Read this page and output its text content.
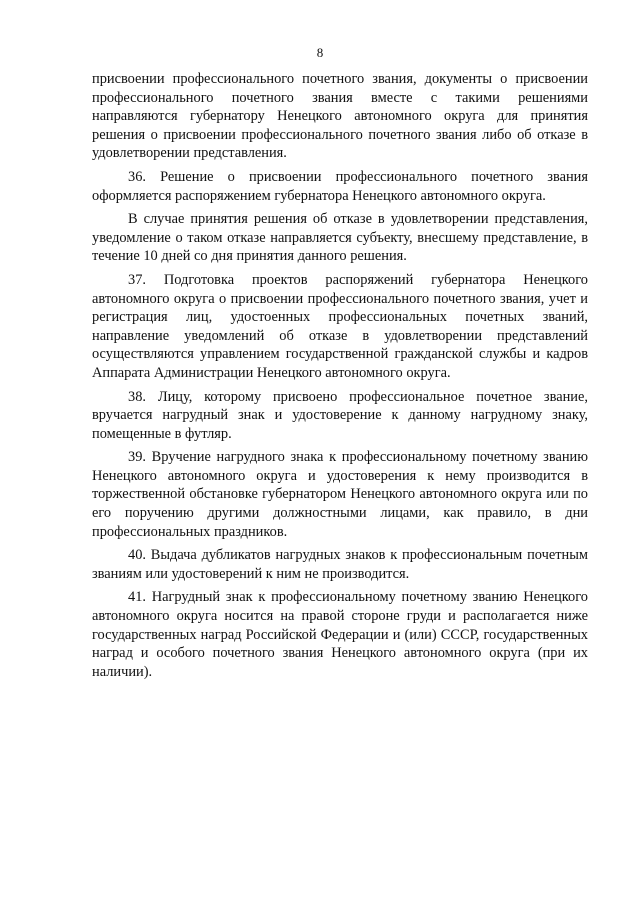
8

присвоении профессионального почетного звания, документы о присвоении профессионального почетного звания вместе с такими решениями направляются губернатору Ненецкого автономного округа для принятия решения о присвоении профессионального почетного звания либо об отказе в удовлетворении представления.

36. Решение о присвоении профессионального почетного звания оформляется распоряжением губернатора Ненецкого автономного округа.

В случае принятия решения об отказе в удовлетворении представления, уведомление о таком отказе направляется субъекту, внесшему представление, в течение 10 дней со дня принятия данного решения.

37. Подготовка проектов распоряжений губернатора Ненецкого автономного округа о присвоении профессионального почетного звания, учет и регистрация лиц, удостоенных профессиональных почетных званий, направление уведомлений об отказе в удовлетворении представлений осуществляются управлением государственной гражданской службы и кадров Аппарата Администрации Ненецкого автономного округа.

38. Лицу, которому присвоено профессиональное почетное звание, вручается нагрудный знак и удостоверение к данному нагрудному знаку, помещенные в футляр.

39. Вручение нагрудного знака к профессиональному почетному званию Ненецкого автономного округа и удостоверения к нему производится в торжественной обстановке губернатором Ненецкого автономного округа или по его поручению другими должностными лицами, как правило, в дни профессиональных праздников.

40. Выдача дубликатов нагрудных знаков к профессиональным почетным званиям или удостоверений к ним не производится.

41. Нагрудный знак к профессиональному почетному званию Ненецкого автономного округа носится на правой стороне груди и располагается ниже государственных наград Российской Федерации и (или) СССР, государственных наград и особого почетного звания Ненецкого автономного округа (при их наличии).
